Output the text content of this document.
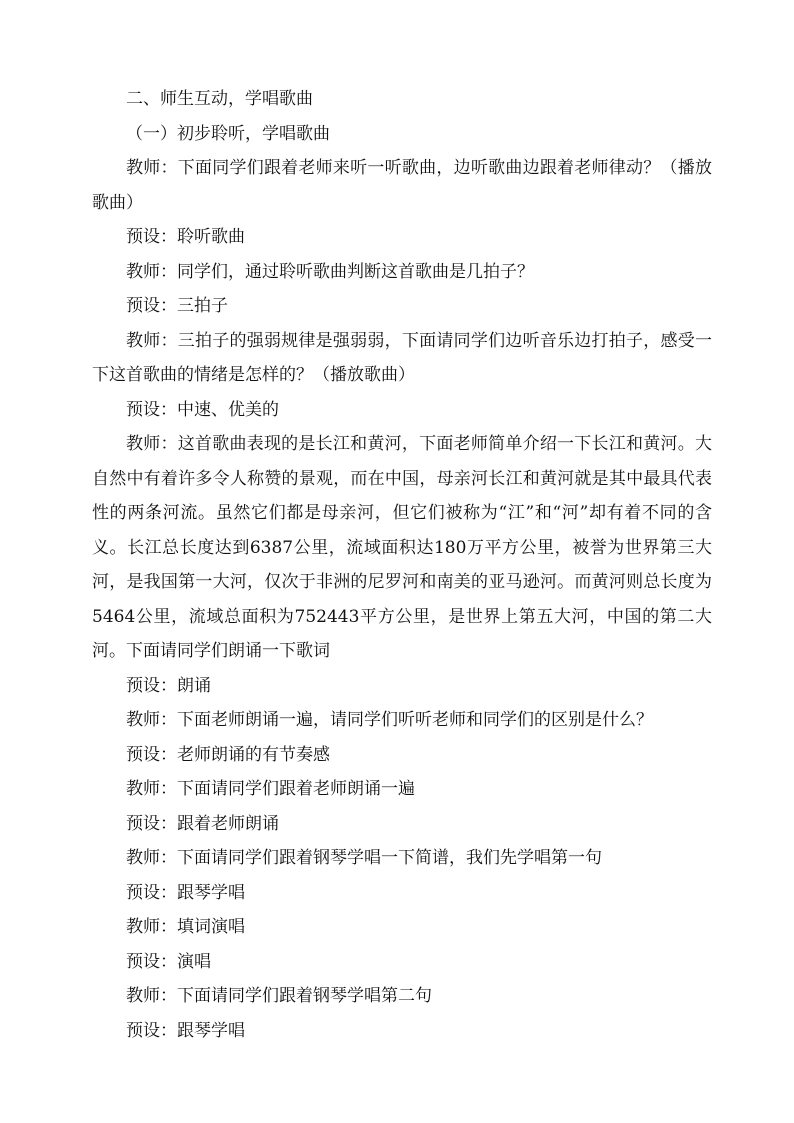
二、师生互动，学唱歌曲

（一）初步聆听，学唱歌曲

教师：下面同学们跟着老师来听一听歌曲，边听歌曲边跟着老师律动？（播放歌曲）

预设：聆听歌曲

教师：同学们，通过聆听歌曲判断这首歌曲是几拍子？

预设：三拍子

教师：三拍子的强弱规律是强弱弱，下面请同学们边听音乐边打拍子，感受一下这首歌曲的情绪是怎样的？（播放歌曲）

预设：中速、优美的

教师：这首歌曲表现的是长江和黄河，下面老师简单介绍一下长江和黄河。大自然中有着许多令人称赞的景观，而在中国，母亲河长江和黄河就是其中最具代表性的两条河流。虽然它们都是母亲河，但它们被称为“江”和“河”却有着不同的含义。长江总长度达到6387公里，流域面积达180万平方公里，被誉为世界第三大河，是我国第一大河，仅次于非洲的尼罗河和南美的亚马逊河。而黄河则总长度为5464公里，流域总面积为752443平方公里，是世界上第五大河，中国的第二大河。下面请同学们朗诵一下歌词

预设：朗诵

教师：下面老师朗诵一遍，请同学们听听老师和同学们的区别是什么？

预设：老师朗诵的有节奏感

教师：下面请同学们跟着老师朗诵一遍

预设：跟着老师朗诵

教师：下面请同学们跟着钢琴学唱一下简谱，我们先学唱第一句

预设：跟琴学唱

教师：填词演唱

预设：演唱

教师：下面请同学们跟着钢琴学唱第二句

预设：跟琴学唱
